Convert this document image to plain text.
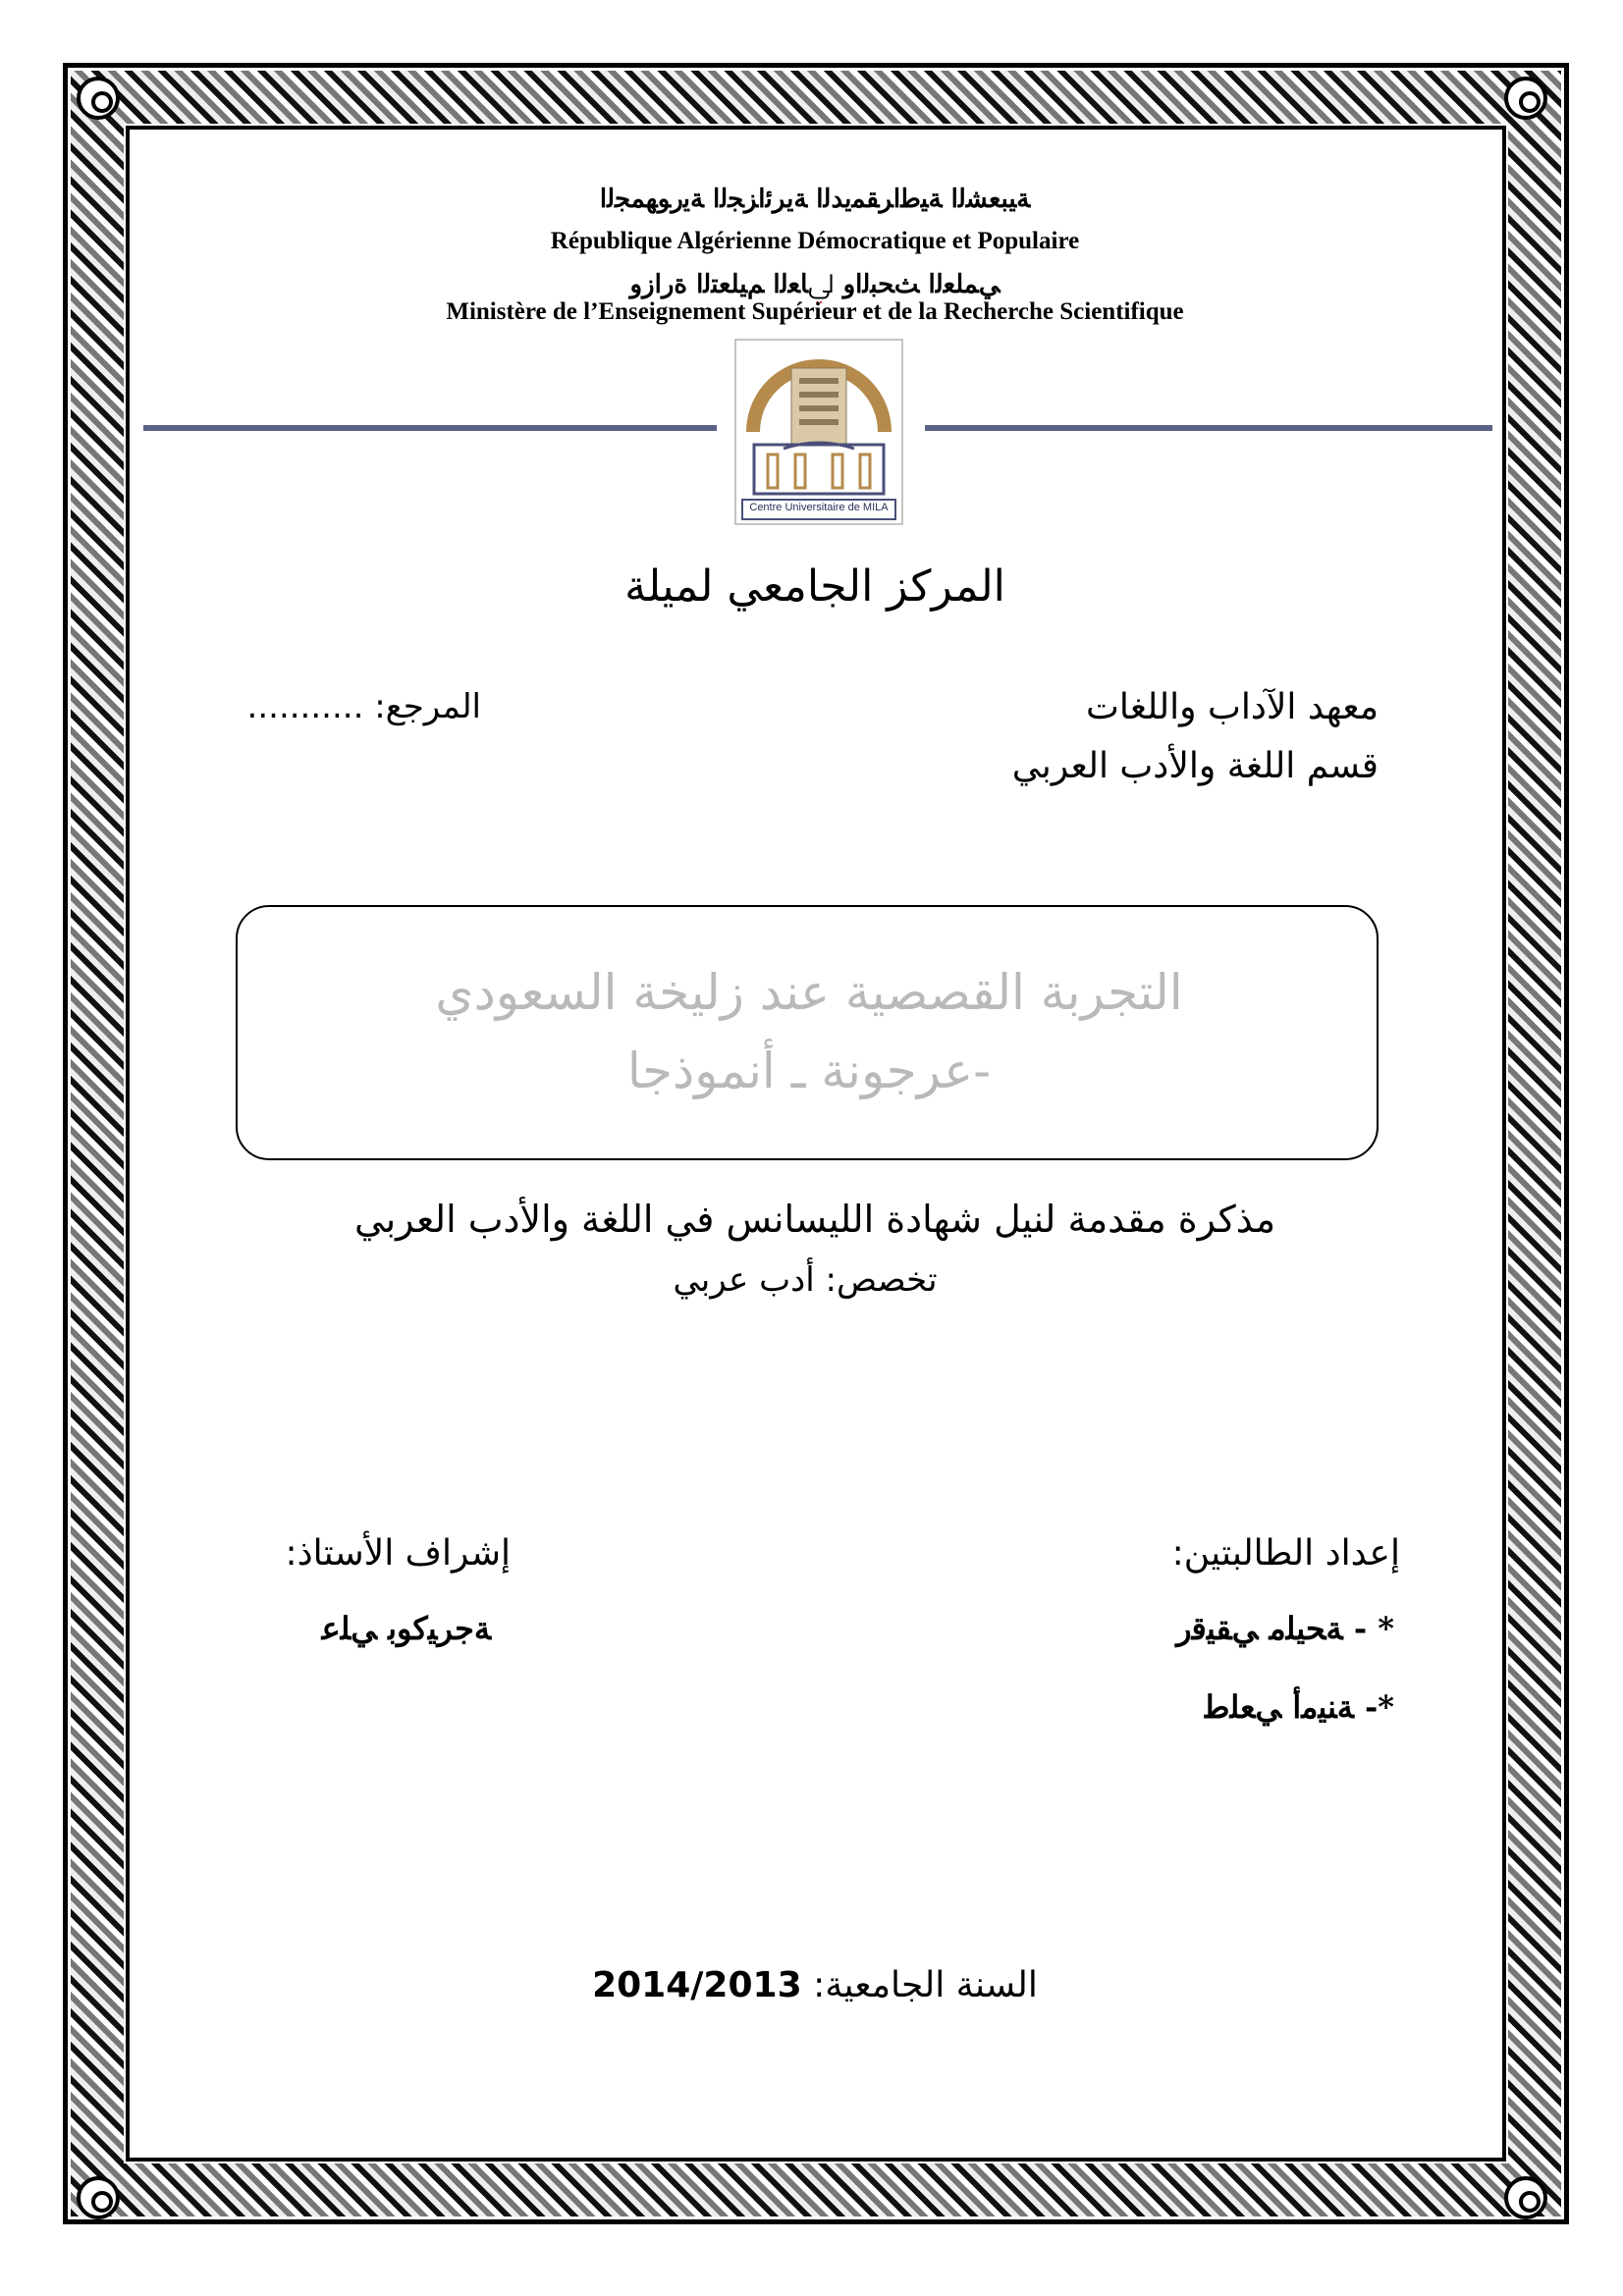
ﺔﻴﺒﻌﺸﻟا ﺔﻴﻃاﺮﻘﻤﻳﺪﻟا ﺔﻳﺮﺋاﺰﺠﻟا ﺔﻳرﻮﻬﻤﺠﻟا
République Algérienne Démocratique et Populaire
ﻲﻤﻠﻌﻟا ﺚﺤﺒﻟاو ﱄﺎﻌﻟا ﻢﻴﻠﻌﺘﻟا ةرازو
Ministère de l’Enseignement Supérieur et de la Recherche Scientifique
Centre Universitaire de MILA
المركز الجامعي لميلة
معهد الآداب واللغات
قسم اللغة والأدب العربي
المرجع: ...........
التجربة القصصية عند زليخة السعودي
-عرجونة ـ أنموذجا
مذكرة مقدمة لنيل شهادة الليسانس في اللغة والأدب العربي
تخصص: أدب عربي
إعداد الطالبتين:
* - ﺔﺤﻴﻠﻣ ﻲﻘﻴﻗر
*- ﺔﻨﻴﻣأ ﻲﻌﻠﻃ
إشراف الأستاذ:
ﺔﺟﺮﻴﻛﻮﺑ ﻲﻠﻋ
2014/2013 السنة الجامعية:
